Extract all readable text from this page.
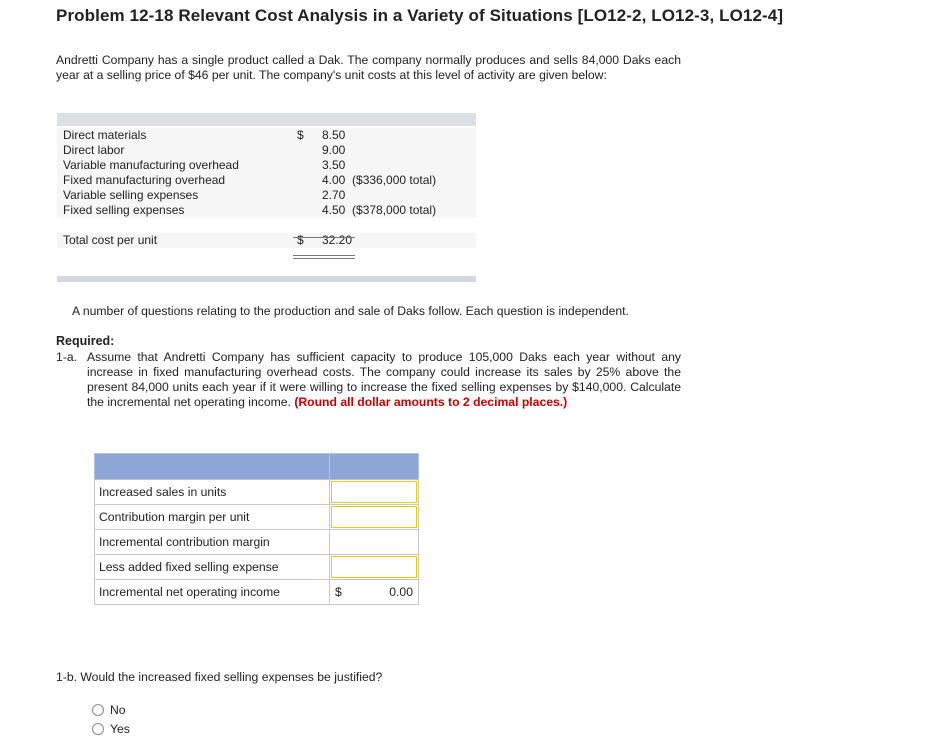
Problem 12-18 Relevant Cost Analysis in a Variety of Situations [LO12-2, LO12-3, LO12-4]

Andretti Company has a single product called a Dak. The company normally produces and sells 84,000 Daks each year at a selling price of $46 per unit. The company's unit costs at this level of activity are given below:

Direct materials	$ 8.50
Direct labor	9.00
Variable manufacturing overhead	3.50
Fixed manufacturing overhead	4.00 ($336,000 total)
Variable selling expenses	2.70
Fixed selling expenses	4.50 ($378,000 total)
Total cost per unit	$ 32.20

A number of questions relating to the production and sale of Daks follow. Each question is independent.

Required:

1-a. Assume that Andretti Company has sufficient capacity to produce 105,000 Daks each year without any increase in fixed manufacturing overhead costs. The company could increase its sales by 25% above the present 84,000 units each year if it were willing to increase the fixed selling expenses by $140,000. Calculate the incremental net operating income. (Round all dollar amounts to 2 decimal places.)

Increased sales in units	

Contribution margin per unit	

Incremental contribution margin	

Less added fixed selling expense	

Incremental net operating income	$ 0.00

1-b. Would the increased fixed selling expenses be justified?

No
Yes
